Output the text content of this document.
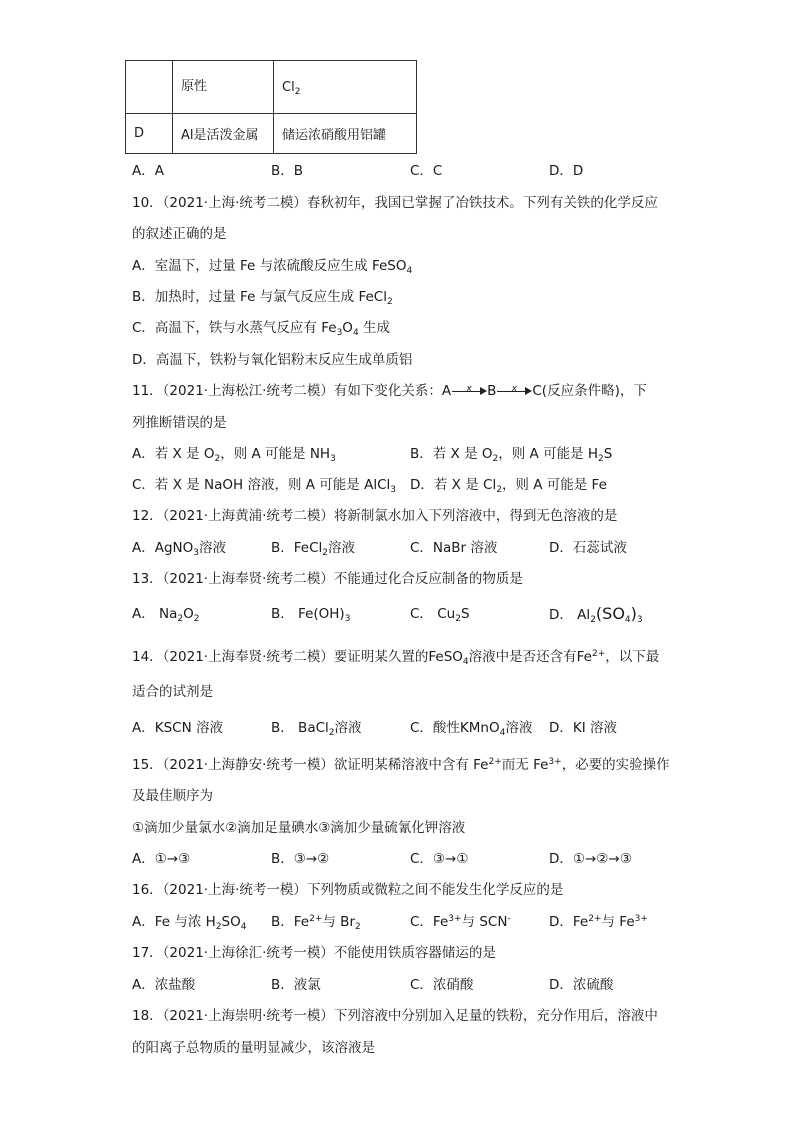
	原性	$Cl_2$
D	Al是活泼金属	储运浓硝酸用铝罐
A．A	B．B	C．C	D．D
10．（2021·上海·统考二模）春秋初年，我国已掌握了冶铁技术。下列有关铁的化学反应
的叙述正确的是
A．室温下，过量 Fe 与浓硫酸反应生成 FeSO$_4$
B．加热时，过量 Fe 与氯气反应生成 FeCl$_2$
C．高温下，铁与水蒸气反应有 $Fe_3O_4$ 生成
D．高温下，铁粉与氧化铝粉末反应生成单质铝
11．（2021·上海松江·统考二模）有如下变化关系：A	x	B	x	C(反应条件略)，下
列推断错误的是
A．若 X 是 $O_2$，则 A 可能是 $NH_3$	B．若 X 是 $O_2$，则 A 可能是 $H_2S$
C．若 X 是 NaOH 溶液，则 A 可能是 AlCl$_3$ D．若 X 是 $Cl_2$，则 A 可能是 Fe
12．（2021·上海黄浦·统考二模）将新制氯水加入下列溶液中，得到无色溶液的是
A．AgNO$_3$溶液	B．FeCl$_2$溶液	C．NaBr 溶液	D．石蕊试液
13．（2021·上海奉贤·统考二模）不能通过化合反应制备的物质是
A． $Na_2O_2$	B． $Fe(OH)_3$	C． $Cu_2S$	D． $Al_2(SO_4)_3$
14．（2021·上海奉贤·统考二模）要证明某久置的FeSO$_4$溶液中是否还含有$Fe^{2+}$，以下最
适合的试剂是
A．KSCN 溶液	B． BaCl$_2$溶液	C．酸性KMnO$_4$溶液 D．KI 溶液
15．（2021·上海静安·统考一模）欲证明某稀溶液中含有 $Fe^{2+}$而无 $Fe^{3+}$，必要的实验操作
及最佳顺序为
①滴加少量氯水②滴加足量碘水③滴加少量硫氰化钾溶液
A．①→③	B．③→②	C．③→①	D．①→②→③
16．（2021·上海·统考一模）下列物质或微粒之间不能发生化学反应的是
A．Fe 与浓 $H_2SO_4$ B．$Fe^{2+}$与 $Br_2$	C．$Fe^{3+}$与 SCN-	D．$Fe^{2+}$与 $Fe^{3+}$
17．（2021·上海徐汇·统考一模）不能使用铁质容器储运的是
A．浓盐酸	B．液氯	C．浓硝酸	D．浓硫酸
18．（2021·上海崇明·统考一模）下列溶液中分别加入足量的铁粉，充分作用后，溶液中
的阳离子总物质的量明显减少，该溶液是
